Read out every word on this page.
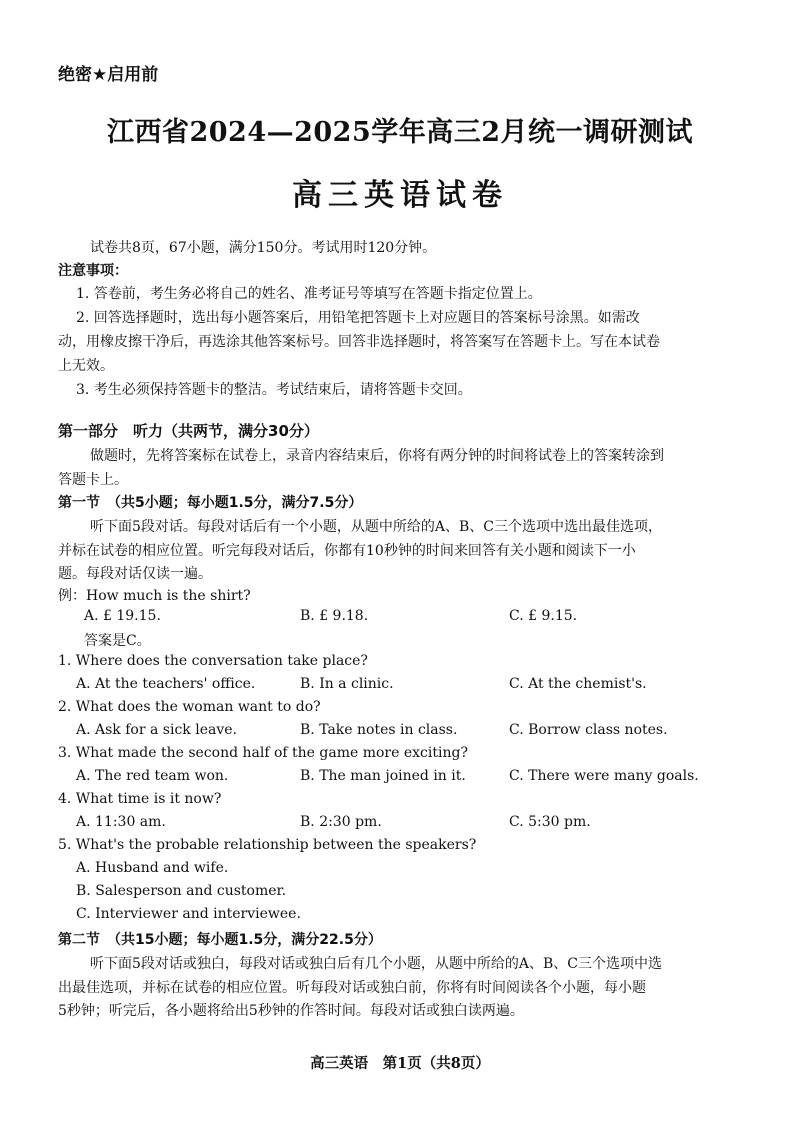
绝密★启用前
江西省2024—2025学年高三2月统一调研测试
高三英语试卷
试卷共8页，67小题，满分150分。考试用时120分钟。
注意事项：
1. 答卷前，考生务必将自己的姓名、准考证号等填写在答题卡指定位置上。
2. 回答选择题时，选出每小题答案后，用铅笔把答题卡上对应题目的答案标号涂黑。如需改
动，用橡皮擦干净后，再选涂其他答案标号。回答非选择题时，将答案写在答题卡上。写在本试卷
上无效。
3. 考生必须保持答题卡的整洁。考试结束后，请将答题卡交回。
第一部分　听力（共两节，满分30分）
做题时，先将答案标在试卷上，录音内容结束后，你将有两分钟的时间将试卷上的答案转涂到
答题卡上。
第一节　（共5小题；每小题1.5分，满分7.5分）
听下面5段对话。每段对话后有一个小题，从题中所给的A、B、C三个选项中选出最佳选项，
并标在试卷的相应位置。听完每段对话后，你都有10秒钟的时间来回答有关小题和阅读下一小
题。每段对话仅读一遍。
例：How much is the shirt?
A. £ 19.15.	B. £ 9.18.	C. £ 9.15.
答案是C。
1. Where does the conversation take place?
A. At the teachers' office.	B. In a clinic.	C. At the chemist's.
2. What does the woman want to do?
A. Ask for a sick leave.	B. Take notes in class.	C. Borrow class notes.
3. What made the second half of the game more exciting?
A. The red team won.	B. The man joined in it.	C. There were many goals.
4. What time is it now?
A. 11:30 am.	B. 2:30 pm.	C. 5:30 pm.
5. What's the probable relationship between the speakers?
A. Husband and wife.
B. Salesperson and customer.
C. Interviewer and interviewee.
第二节　（共15小题；每小题1.5分，满分22.5分）
听下面5段对话或独白，每段对话或独白后有几个小题，从题中所给的A、B、C三个选项中选
出最佳选项，并标在试卷的相应位置。听每段对话或独白前，你将有时间阅读各个小题，每小题
5秒钟；听完后，各小题将给出5秒钟的作答时间。每段对话或独白读两遍。
高三英语　第1页（共8页）
